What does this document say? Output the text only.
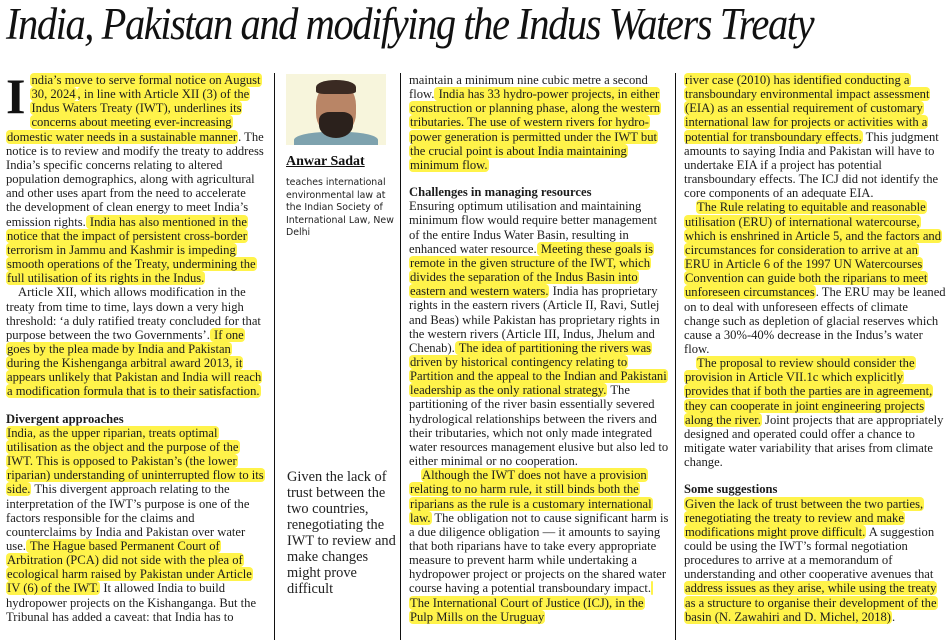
India, Pakistan and modifying the Indus Waters Treaty

India’s move to serve formal notice on August 30, 2024 , in line with Article XII (3) of the Indus Waters Treaty (IWT), underlines its concerns about meeting ever-increasing domestic water needs in a sustainable manner. The notice is to review and modify the treaty to address India’s specific concerns relating to altered population demographics, along with agricultural and other uses apart from the need to accelerate the development of clean energy to meet India’s emission rights. India has also mentioned in the notice that the impact of persistent cross-border terrorism in Jammu and Kashmir is impeding smooth operations of the Treaty, undermining the full utilisation of its rights in the Indus.

Article XII, which allows modification in the treaty from time to time, lays down a very high threshold: ‘a duly ratified treaty concluded for that purpose between the two Governments’. If one goes by the plea made by India and Pakistan during the Kishenganga arbitral award 2013, it appears unlikely that Pakistan and India will reach a modification formula that is to their satisfaction.

Divergent approaches

India, as the upper riparian, treats optimal utilisation as the object and the purpose of the IWT. This is opposed to Pakistan’s (the lower riparian) understanding of uninterrupted flow to its side. This divergent approach relating to the interpretation of the IWT’s purpose is one of the factors responsible for the claims and counterclaims by India and Pakistan over water use. The Hague based Permanent Court of Arbitration (PCA) did not side with the plea of ecological harm raised by Pakistan under Article IV (6) of the IWT. It allowed India to build hydropower projects on the Kishanganga. But the Tribunal has added a caveat: that India has to

Anwar Sadat
teaches international environmental law at the Indian Society of International Law, New Delhi
Given the lack of trust between the two countries, renegotiating the IWT to review and make changes might prove difficult

maintain a minimum nine cubic metre a second flow. India has 33 hydro-power projects, in either construction or planning phase, along the western tributaries. The use of western rivers for hydro-power generation is permitted under the IWT but the crucial point is about India maintaining minimum flow.

Challenges in managing resources

Ensuring optimum utilisation and maintaining minimum flow would require better management of the entire Indus Water Basin, resulting in enhanced water resource. Meeting these goals is remote in the given structure of the IWT, which divides the separation of the Indus Basin into eastern and western waters. India has proprietary rights in the eastern rivers (Article II, Ravi, Sutlej and Beas) while Pakistan has proprietary rights in the western rivers (Article III, Indus, Jhelum and Chenab). The idea of partitioning the rivers was driven by historical contingency relating to Partition and the appeal to the Indian and Pakistani leadership as the only rational strategy. The partitioning of the river basin essentially severed hydrological relationships between the rivers and their tributaries, which not only made integrated water resources management elusive but also led to either minimal or no cooperation.

Although the IWT does not have a provision relating to no harm rule, it still binds both the riparians as the rule is a customary international law. The obligation not to cause significant harm is a due diligence obligation — it amounts to saying that both riparians have to take every appropriate measure to prevent harm while undertaking a hydropower project or projects on the shared water course having a potential transboundary impact. The International Court of Justice (ICJ), in the Pulp Mills on the Uruguay

river case (2010) has identified conducting a transboundary environmental impact assessment (EIA) as an essential requirement of customary international law for projects or activities with a potential for transboundary effects. This judgment amounts to saying India and Pakistan will have to undertake EIA if a project has potential transboundary effects. The ICJ did not identify the core components of an adequate EIA.

The Rule relating to equitable and reasonable utilisation (ERU) of international watercourse, which is enshrined in Article 5, and the factors and circumstances for consideration to arrive at an ERU in Article 6 of the 1997 UN Watercourses Convention can guide both the riparians to meet unforeseen circumstances. The ERU may be leaned on to deal with unforeseen effects of climate change such as depletion of glacial reserves which cause a 30%-40% decrease in the Indus’s water flow.

The proposal to review should consider the provision in Article VII.1c which explicitly provides that if both the parties are in agreement, they can cooperate in joint engineering projects along the river. Joint projects that are appropriately designed and operated could offer a chance to mitigate water variability that arises from climate change.

Some suggestions

Given the lack of trust between the two parties, renegotiating the treaty to review and make modifications might prove difficult. A suggestion could be using the IWT’s formal negotiation procedures to arrive at a memorandum of understanding and other cooperative avenues that address issues as they arise, while using the treaty as a structure to organise their development of the basin (N. Zawahiri and D. Michel, 2018).
